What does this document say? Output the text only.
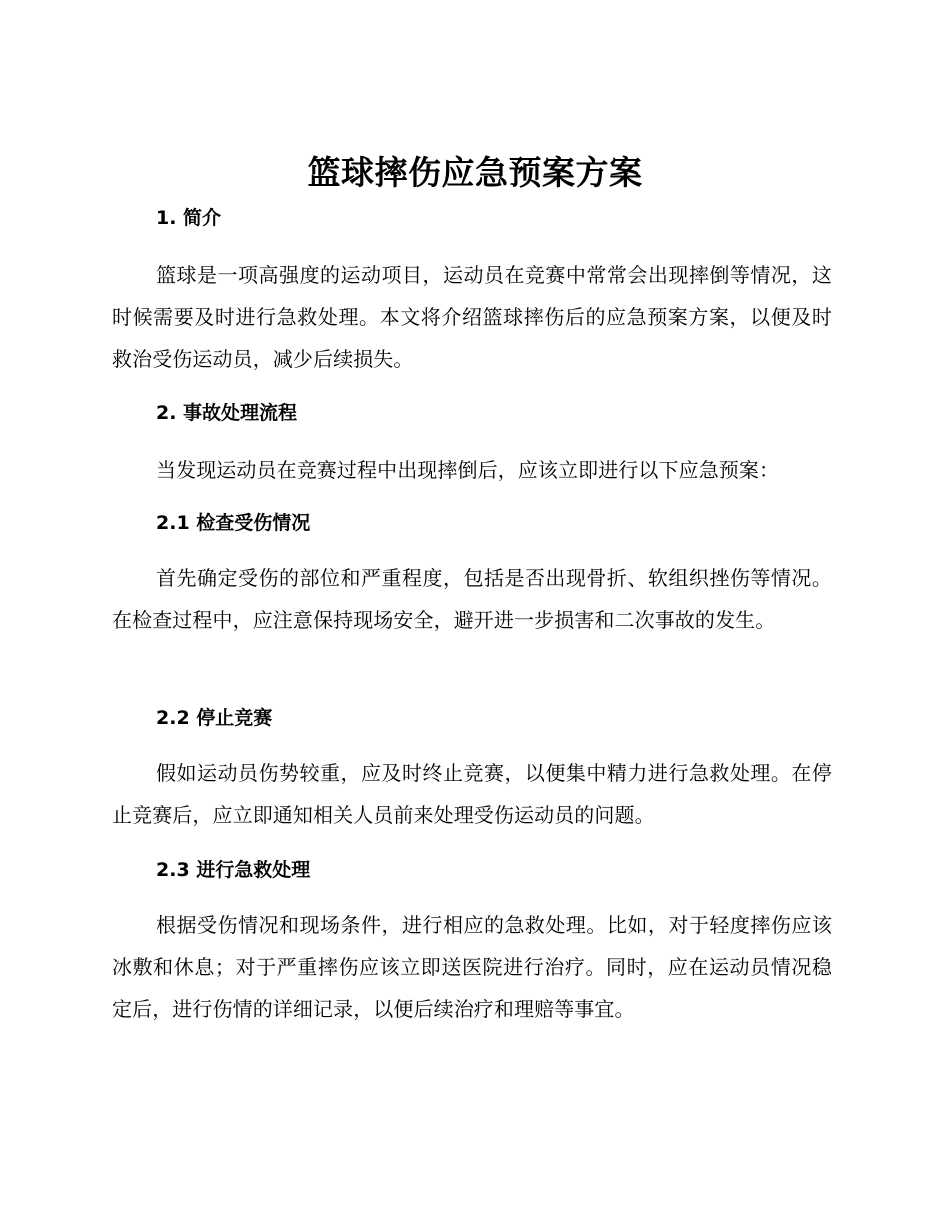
篮球摔伤应急预案方案
1. 简介
篮球是一项高强度的运动项目，运动员在竞赛中常常会出现摔倒等情况，这时候需要及时进行急救处理。本文将介绍篮球摔伤后的应急预案方案，以便及时救治受伤运动员，减少后续损失。
2. 事故处理流程
当发现运动员在竞赛过程中出现摔倒后，应该立即进行以下应急预案：
2.1 检查受伤情况
首先确定受伤的部位和严重程度，包括是否出现骨折、软组织挫伤等情况。在检查过程中，应注意保持现场安全，避开进一步损害和二次事故的发生。
2.2 停止竞赛
假如运动员伤势较重，应及时终止竞赛，以便集中精力进行急救处理。在停止竞赛后，应立即通知相关人员前来处理受伤运动员的问题。
2.3 进行急救处理
根据受伤情况和现场条件，进行相应的急救处理。比如，对于轻度摔伤应该冰敷和休息；对于严重摔伤应该立即送医院进行治疗。同时，应在运动员情况稳定后，进行伤情的详细记录，以便后续治疗和理赔等事宜。
